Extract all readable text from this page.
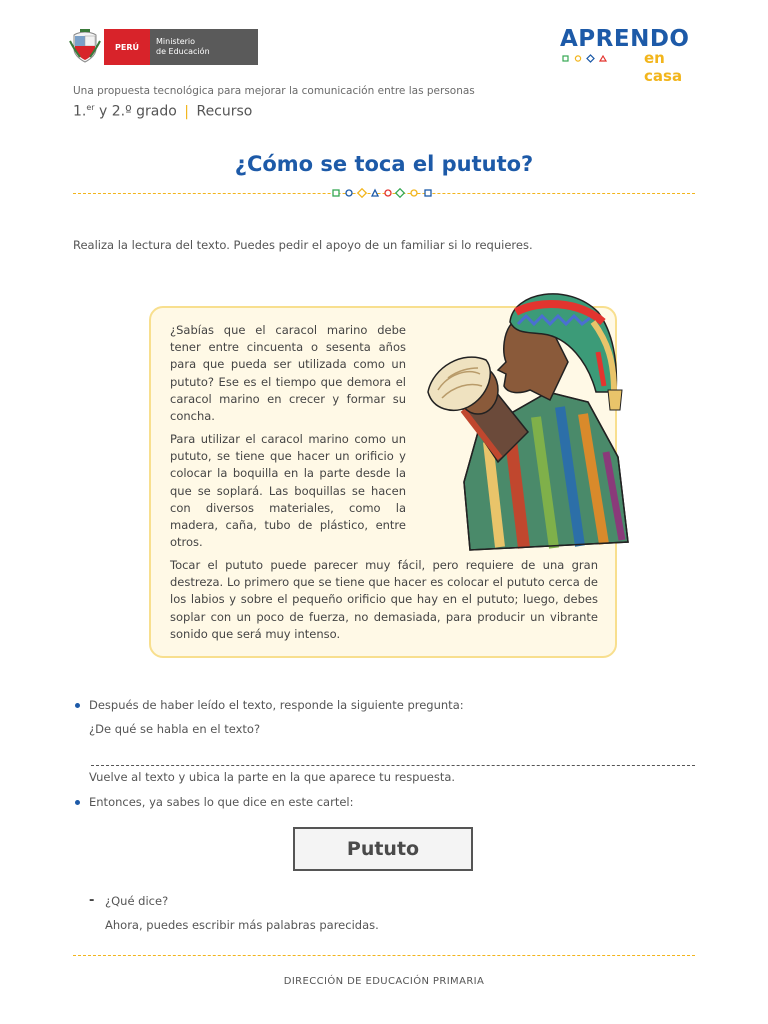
PERÚ
Ministerio
de Educación	APRENDO
en casa
Una propuesta tecnológica para mejorar la comunicación entre las personas
1.$^{er}$ y 2.º grado | Recurso
¿Cómo se toca el pututo?
Realiza la lectura del texto. Puedes pedir el apoyo de un familiar si lo requieres.
¿Sabías que el caracol marino debe tener entre cincuenta o sesenta años para que pueda ser utilizada como un pututo? Ese es el tiempo que demora el caracol marino en crecer y formar su concha.
Para utilizar el caracol marino como un pututo, se tiene que hacer un orificio y colocar la boquilla en la parte desde la que se soplará. Las boquillas se hacen con diversos materiales, como la madera, caña, tubo de plástico, entre otros.
Tocar el pututo puede parecer muy fácil, pero requiere de una gran destreza. Lo primero que se tiene que hacer es colocar el pututo cerca de los labios y sobre el pequeño orificio que hay en el pututo; luego, debes soplar con un poco de fuerza, no demasiada, para producir un vibrante sonido que será muy intenso.
Después de haber leído el texto, responde la siguiente pregunta:
¿De qué se habla en el texto?
Vuelve al texto y ubica la parte en la que aparece tu respuesta.
Entonces, ya sabes lo que dice en este cartel:
Pututo
- ¿Qué dice?
Ahora, puedes escribir más palabras parecidas.
DIRECCIÓN DE EDUCACIÓN PRIMARIA
